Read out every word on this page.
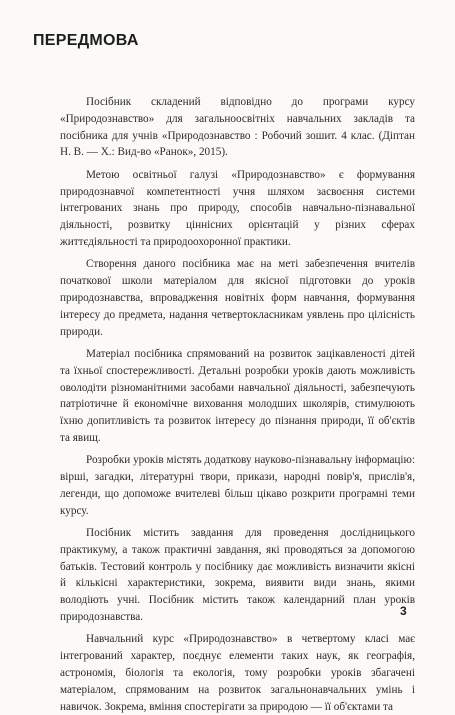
ПЕРЕДМОВА

Посібник складений відповідно до програми курсу «Природознавство» для загальноосвітніх навчальних закладів та посібника для учнів «Природознавство : Робочий зошит. 4 клас. (Діптан Н. В. — Х.: Вид-во «Ранок», 2015).

Метою освітньої галузі «Природознавство» є формування природознавчої компетентності учня шляхом засвоєння системи інтегрованих знань про природу, способів навчально-пізнавальної діяльності, розвитку ціннісних орієнтацій у різних сферах життєдіяльності та природоохоронної практики.

Створення даного посібника має на меті забезпечення вчителів початкової школи матеріалом для якісної підготовки до уроків природознавства, впровадження новітніх форм навчання, формування інтересу до предмета, надання четвертокласникам уявлень про цілісність природи.

Матеріал посібника спрямований на розвиток зацікавленості дітей та їхньої спостережливості. Детальні розробки уроків дають можливість оволодіти різноманітними засобами навчальної діяльності, забезпечують патріотичне й економічне виховання молодших школярів, стимулюють їхню допитливість та розвиток інтересу до пізнання природи, її об'єктів та явищ.

Розробки уроків містять додаткову науково-пізнавальну інформацію: вірші, загадки, літературні твори, прикази, народні повір'я, прислів'я, легенди, що допоможе вчителеві більш цікаво розкрити програмні теми курсу.

Посібник містить завдання для проведення дослідницького практикуму, а також практичні завдання, які проводяться за допомогою батьків. Тестовий контроль у посібнику дає можливість визначити якісні й кількісні характеристики, зокрема, виявити види знань, якими володіють учні. Посібник містить також календарний план уроків природознавства.

Навчальний курс «Природознавство» в четвертому класі має інтегрований характер, поєднує елементи таких наук, як географія, астрономія, біологія та екологія, тому розробки уроків збагачені матеріалом, спрямованим на розвиток загальнонавчальних умінь і навичок. Зокрема, вміння спостерігати за природою — її об'єктами та

3
